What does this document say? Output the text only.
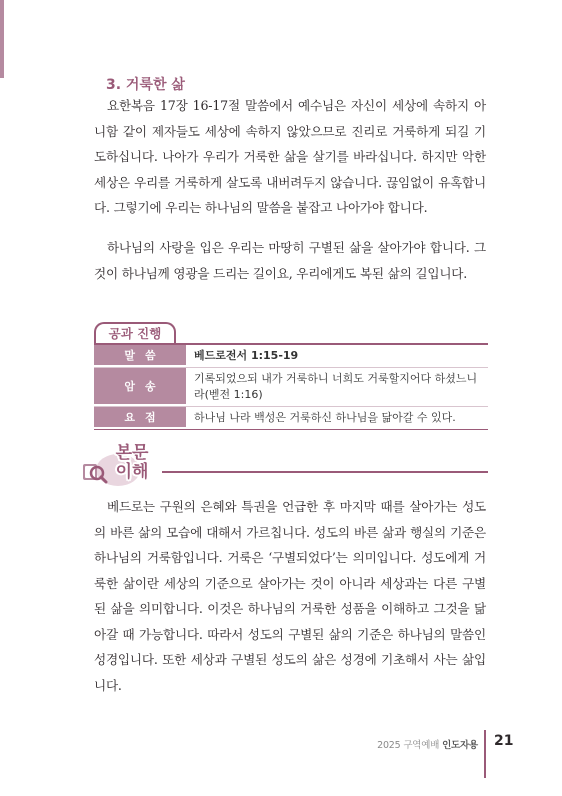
3. 거룩한 삶

요한복음 17장 16-17절 말씀에서 예수님은 자신이 세상에 속하지 아니함 같이 제자들도 세상에 속하지 않았으므로 진리로 거룩하게 되길 기도하십니다. 나아가 우리가 거룩한 삶을 살기를 바라십니다. 하지만 악한 세상은 우리를 거룩하게 살도록 내버려두지 않습니다. 끊임없이 유혹합니다. 그렇기에 우리는 하나님의 말씀을 붙잡고 나아가야 합니다.

하나님의 사랑을 입은 우리는 마땅히 구별된 삶을 살아가야 합니다. 그것이 하나님께 영광을 드리는 길이요, 우리에게도 복된 삶의 길입니다.

공과 진행
말씀	베드로전서 1:15-19
암송
기록되었으되 내가 거룩하니 너희도 거룩할지어다 하셨느니라(벧전 1:16)
요점	하나님 나라 백성은 거룩하신 하나님을 닮아갈 수 있다.
본문
이해

베드로는 구원의 은혜와 특권을 언급한 후 마지막 때를 살아가는 성도의 바른 삶의 모습에 대해서 가르칩니다. 성도의 바른 삶과 행실의 기준은 하나님의 거룩함입니다. 거룩은 ‘구별되었다’는 의미입니다. 성도에게 거룩한 삶이란 세상의 기준으로 살아가는 것이 아니라 세상과는 다른 구별된 삶을 의미합니다. 이것은 하나님의 거룩한 성품을 이해하고 그것을 닮아갈 때 가능합니다. 따라서 성도의 구별된 삶의 기준은 하나님의 말씀인 성경입니다. 또한 세상과 구별된 성도의 삶은 성경에 기초해서 사는 삶입니다.

2025 구역예배 인도자용 21
